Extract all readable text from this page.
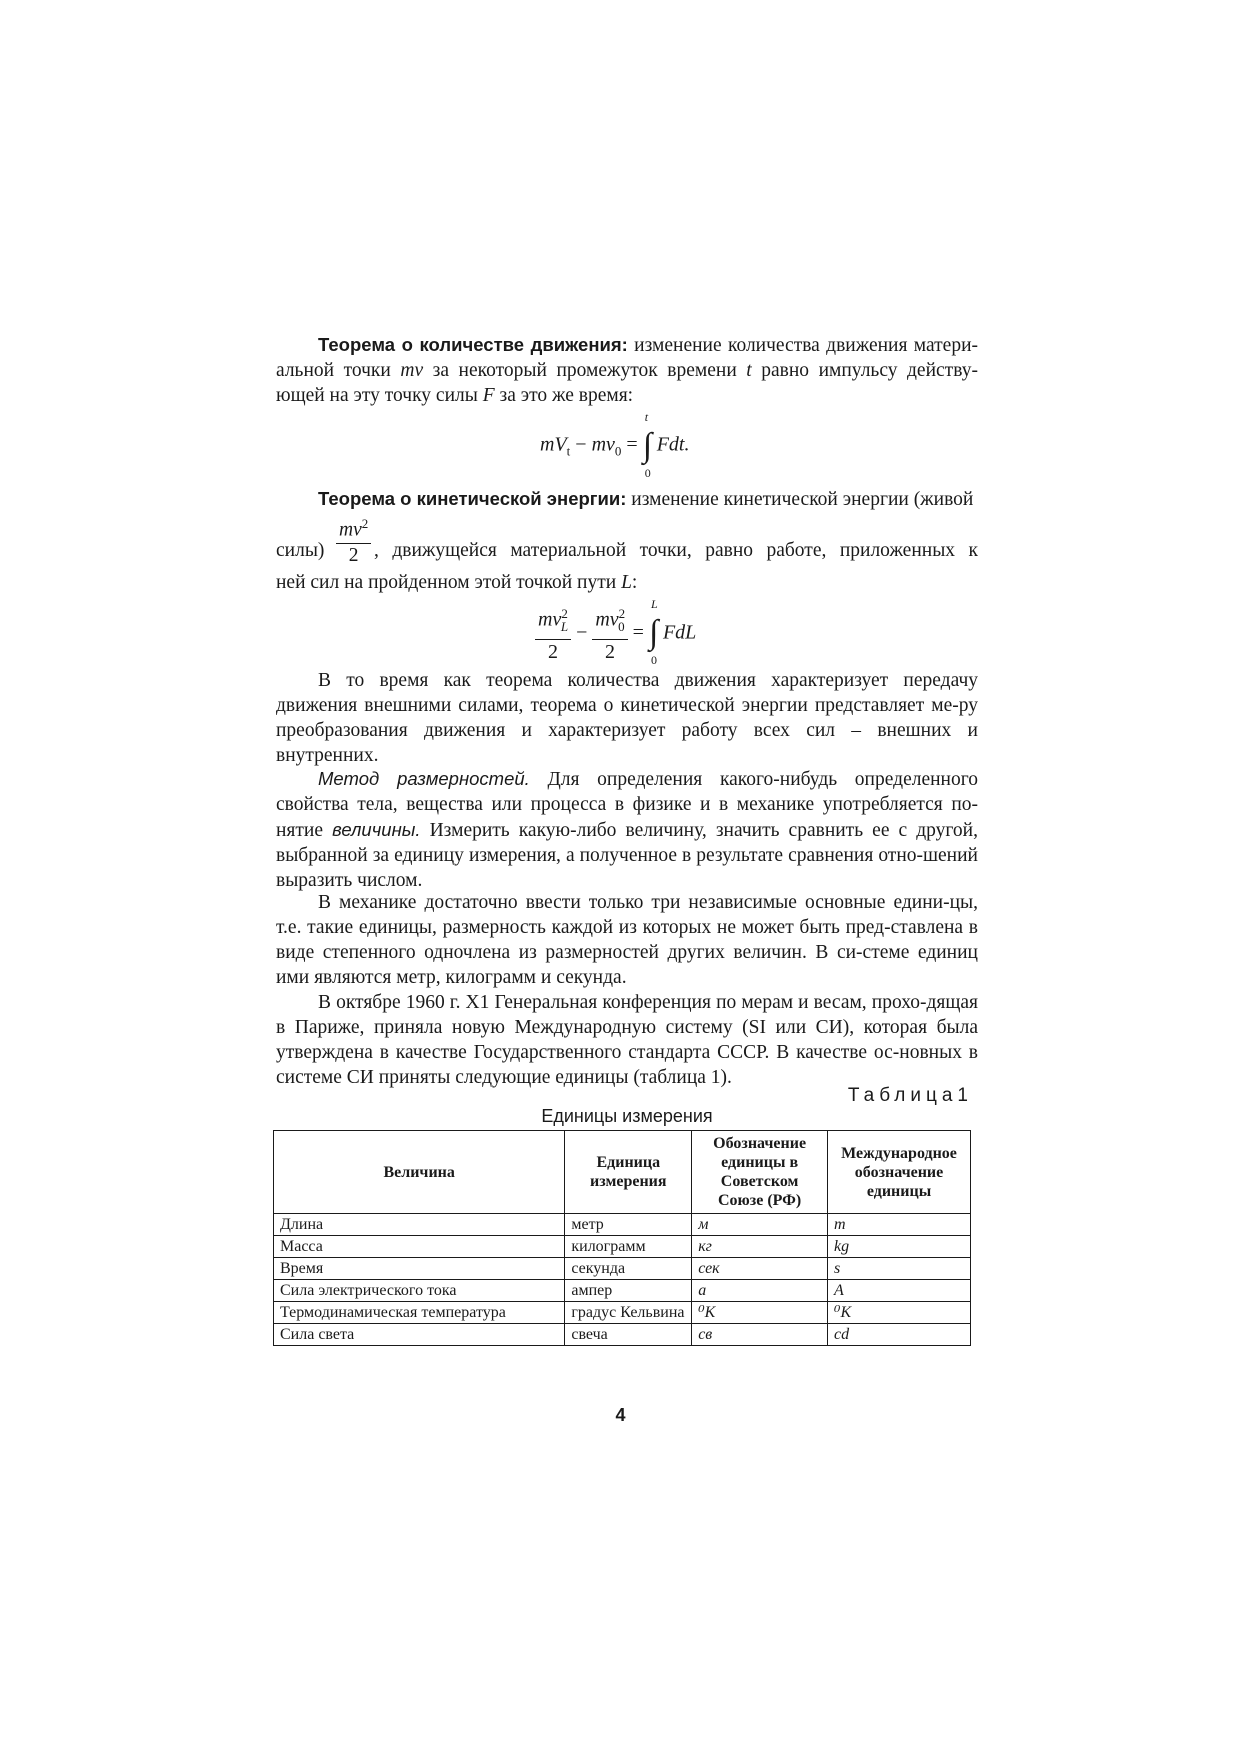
Теорема о количестве движения: изменение количества движения матери-альной точки mv за некоторый промежуток времени t равно импульсу действу-ющей на эту точку силы F за это же время:

$mV_t - mv_0$ = ∫
t
0
Fdt.

Теорема о кинетической энергии: изменение кинетической энергии (живой

силы) $\frac{mv^2}{2}$ , движущейся материальной точки, равно работе, приложенных к

ней сил на пройденном этой точкой пути L:

$\frac{mv^2_L}{2} - \frac{mv^2_0}{2}$ = ∫
L
0
FdL

В то время как теорема количества движения характеризует передачу движения внешними силами, теорема о кинетической энергии представляет ме-ру преобразования движения и характеризует работу всех сил – внешних и внутренних.

Метод размерностей. Для определения какого-нибудь определенного свойства тела, вещества или процесса в физике и в механике употребляется по-нятие величины. Измерить какую-либо величину, значить сравнить ее с другой, выбранной за единицу измерения, а полученное в результате сравнения отно-шений выразить числом.

В механике достаточно ввести только три независимые основные едини-цы, т.е. такие единицы, размерность каждой из которых не может быть пред-ставлена в виде степенного одночлена из размерностей других величин. В си-стеме единиц ими являются метр, килограмм и секунда.

В октябре 1960 г. X1 Генеральная конференция по мерам и весам, прохо-дящая в Париже, приняла новую Международную систему (SI или СИ), которая была утверждена в качестве Государственного стандарта СССР. В качестве ос-новных в системе СИ приняты следующие единицы (таблица 1).

Таблица1
Единицы измерения
Величина	Единица измерения	Обозначение единицы в Советском Союзе (РФ)	Международное обозначение единицы
Длина	метр	м	m
Масса	килограмм	кг	kg
Время	секунда	сек	s
Сила электрического тока	ампер	a	A
Термодинамическая температура	градус Кельвина	⁰K	⁰K
Сила света	свеча	св	cd
4
